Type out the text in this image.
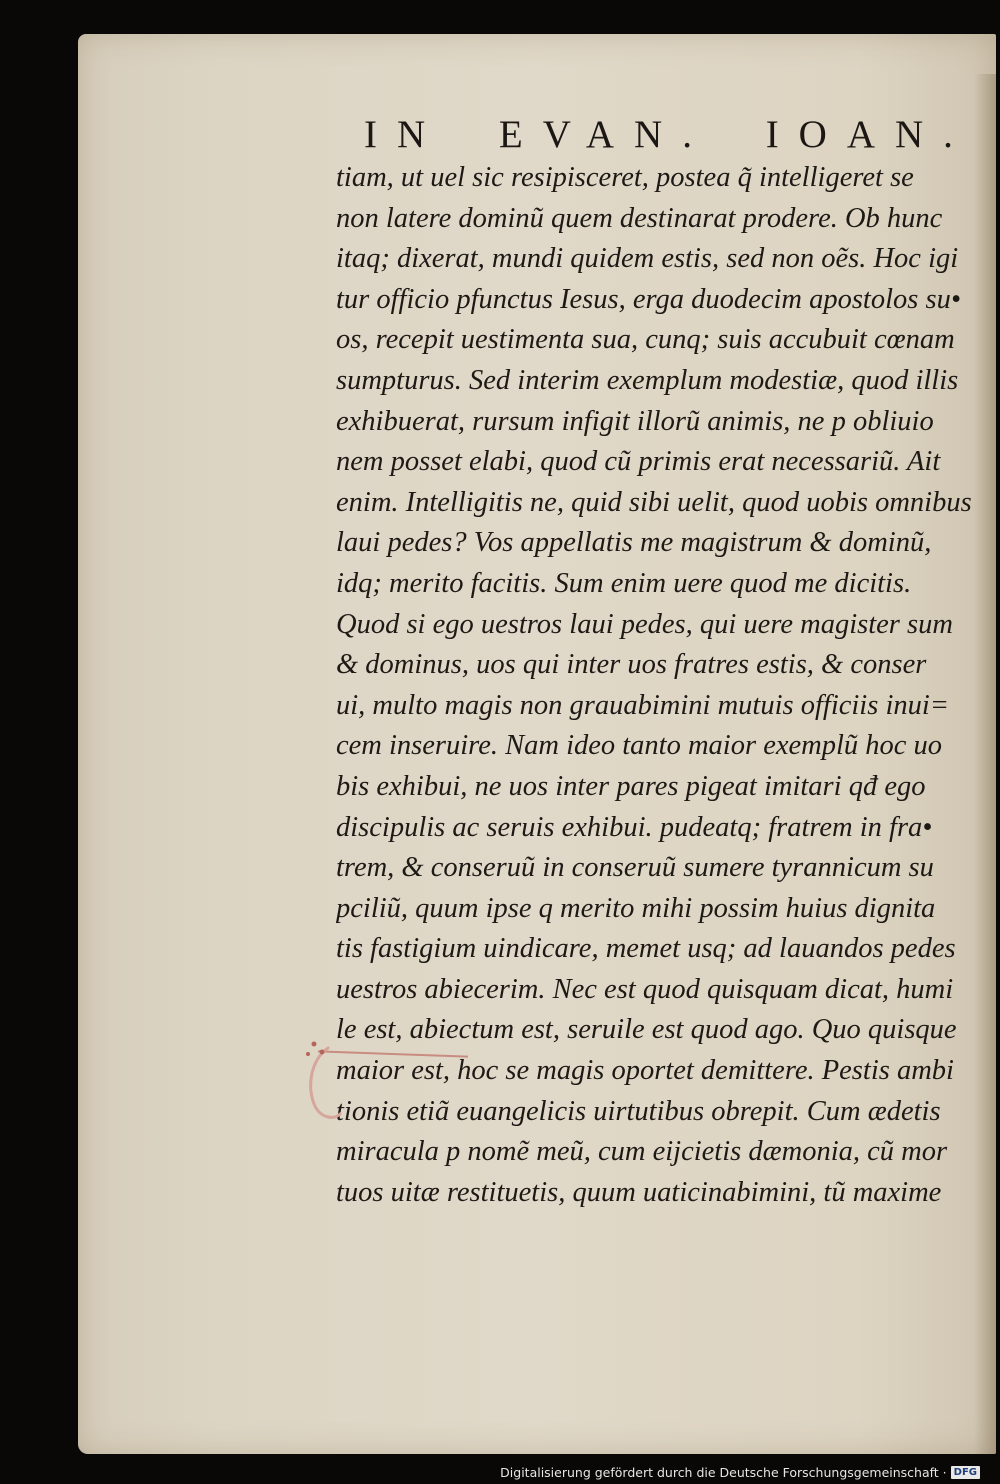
IN EVAN. IOAN.
tiam, ut uel sic resipisceret, postea q̃ intelligeret se
non latere dominũ quem destinarat prodere. Ob hunc
itaq; dixerat, mundi quidem estis, sed non oẽs. Hoc igi
tur officio pfunctus Iesus, erga duodecim apostolos su•
os, recepit uestimenta sua, cunq; suis accubuit cœnam
sumpturus. Sed interim exemplum modestiæ, quod illis
exhibuerat, rursum infigit illorũ animis, ne p obliuio
nem posset elabi, quod cũ primis erat necessariũ. Ait
enim. Intelligitis ne, quid sibi uelit, quod uobis omnibus
laui pedes? Vos appellatis me magistrum & dominũ,
idq; merito facitis. Sum enim uere quod me dicitis.
Quod si ego uestros laui pedes, qui uere magister sum
& dominus, uos qui inter uos fratres estis, & conser
ui, multo magis non grauabimini mutuis officiis inui=
cem inseruire. Nam ideo tanto maior exemplũ hoc uo
bis exhibui, ne uos inter pares pigeat imitari qđ ego
discipulis ac seruis exhibui. pudeatq; fratrem in fra•
trem, & conseruũ in conseruũ sumere tyrannicum su
pciliũ, quum ipse q merito mihi possim huius dignita
tis fastigium uindicare, memet usq; ad lauandos pedes
uestros abiecerim. Nec est quod quisquam dicat, humi
le est, abiectum est, seruile est quod ago. Quo quisque
maior est, hoc se magis oportet demittere. Pestis ambi
tionis etiã euangelicis uirtutibus obrepit. Cum ædetis
miracula p nomẽ meũ, cum eijcietis dæmonia, cũ mor
tuos uitæ restituetis, quum uaticinabimini, tũ maxime
Digitalisierung gefördert durch die Deutsche Forschungsgemeinschaft · DFG
